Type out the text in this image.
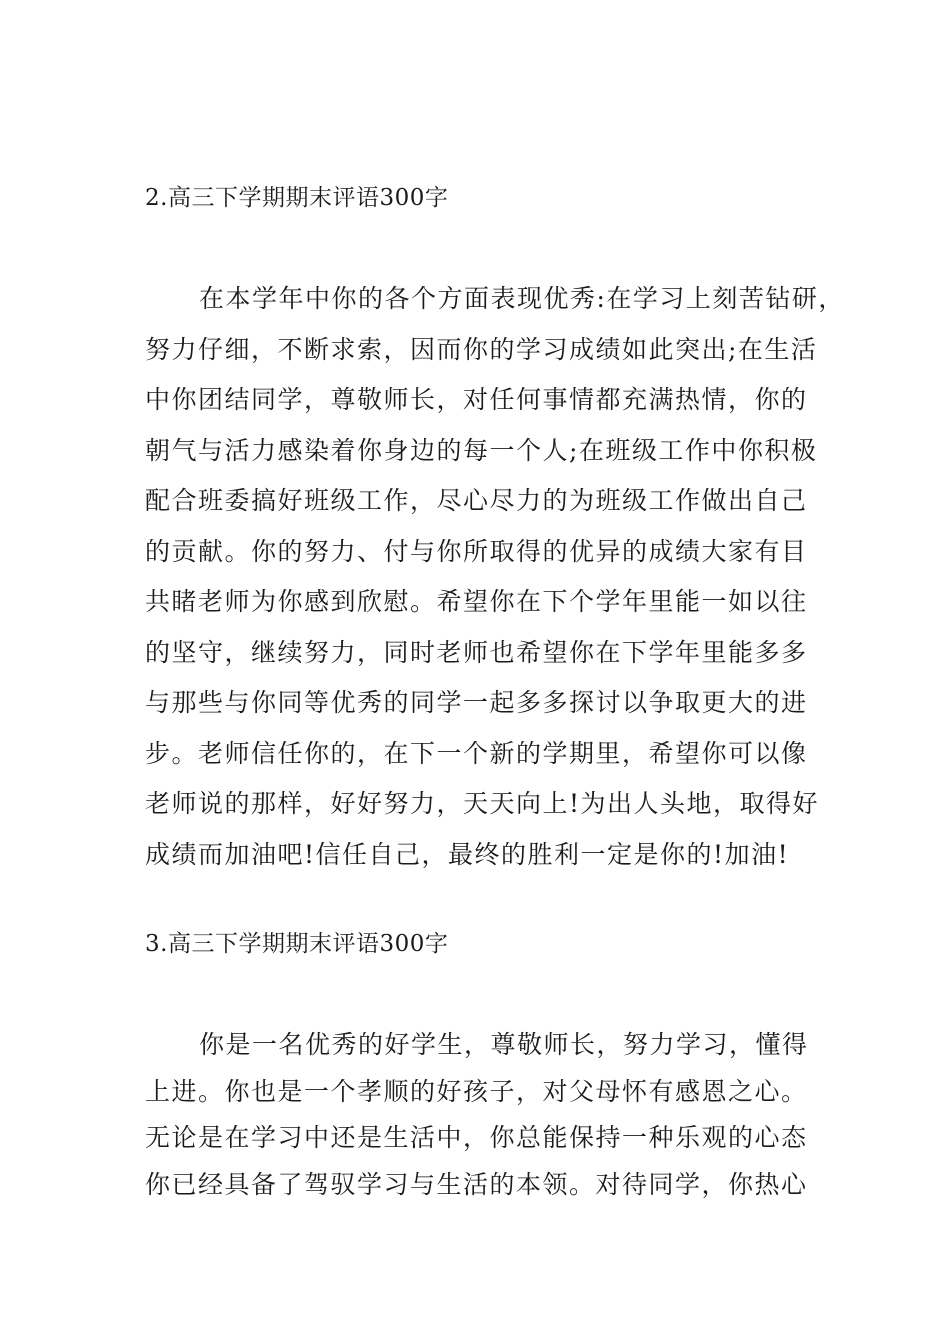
2.高三下学期期末评语300字
在本学年中你的各个方面表现优秀:在学习上刻苦钻研，
努力仔细，不断求索，因而你的学习成绩如此突出;在生活
中你团结同学，尊敬师长，对任何事情都充满热情，你的
朝气与活力感染着你身边的每一个人;在班级工作中你积极
配合班委搞好班级工作，尽心尽力的为班级工作做出自己
的贡献。你的努力、付与你所取得的优异的成绩大家有目
共睹老师为你感到欣慰。希望你在下个学年里能一如以往
的坚守，继续努力，同时老师也希望你在下学年里能多多
与那些与你同等优秀的同学一起多多探讨以争取更大的进
步。老师信任你的，在下一个新的学期里，希望你可以像
老师说的那样，好好努力，天天向上!为出人头地，取得好
成绩而加油吧!信任自己，最终的胜利一定是你的!加油!
3.高三下学期期末评语300字
你是一名优秀的好学生，尊敬师长，努力学习，懂得
上进。你也是一个孝顺的好孩子，对父母怀有感恩之心。
无论是在学习中还是生活中，你总能保持一种乐观的心态
你已经具备了驾驭学习与生活的本领。对待同学，你热心
